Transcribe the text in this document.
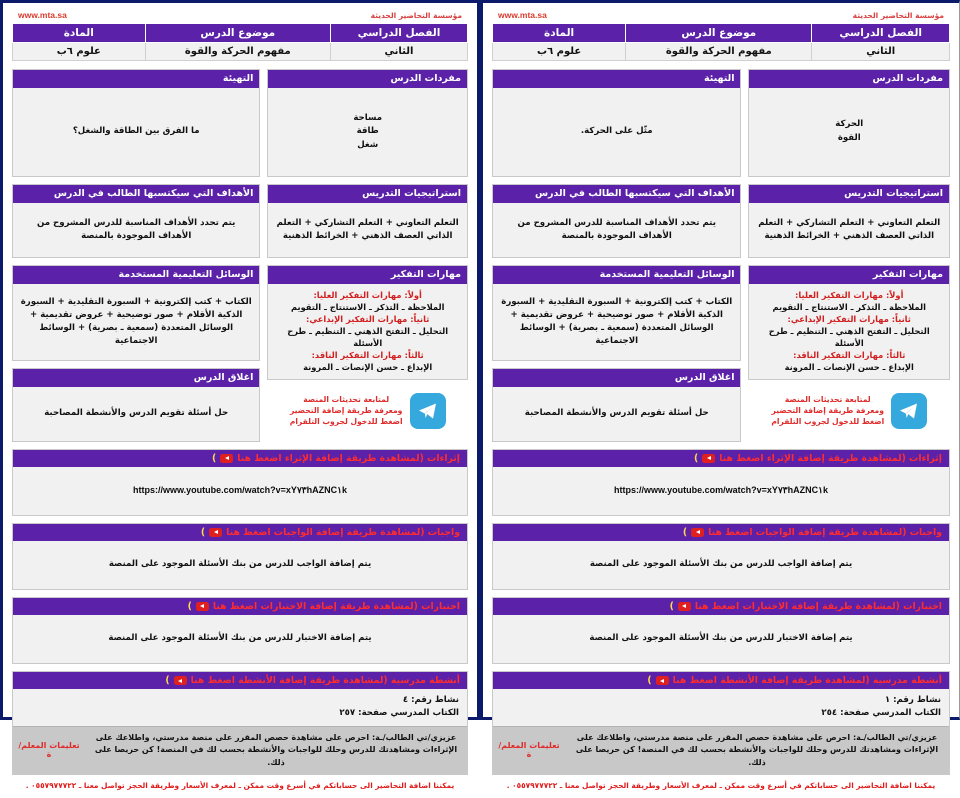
مؤسسة التحاضير الحديثة
www.mta.sa
الفصل الدراسي	موضوع الدرس	المادة
الثاني	مفهوم الحركة والقوة	علوم ٦ب
مفردات الدرس
الحركة
القوة
استراتيجيات التدريس
التعلم التعاوني + التعلم التشاركي + التعلم الذاتي العصف الذهني + الخرائط الذهنية
مهارات التفكير
أولاً: مهارات التفكير العليا:
الملاحظة ـ التذكر ـ الاستنتاج ـ التقويم
ثانياً: مهارات التفكير الإبداعي:
التحليل ـ التفتح الذهني ـ التنظيم ـ طرح الأسئلة
ثالثاً: مهارات التفكير الناقد:
الإبداع ـ حسن الإنصات ـ المرونة
لمتابعة تحديثات المنصة
ومعرفة طريقة إضافة التحضير
اضغط للدخول لجروب التلقرام
التهيئة
مثّل على الحركة.
الأهداف التي سيكتسبها الطالب في الدرس
يتم تحدد الأهداف المناسبة للدرس المشروح من الأهداف الموجودة بالمنصة
الوسائل التعليمية المستخدمة
الكتاب + كتب إلكترونية + السبورة التقليدية + السبورة الذكية الأقلام + صور توضيحية + عروض تقديمية + الوسائل المتعددة (سمعية ـ بصرية) + الوسائط الاجتماعية
اغلاق الدرس
حل أسئلة تقويم الدرس والأنشطة المصاحبة
إثراءات (لمشاهدة طريقة إضافة الإثراء اضغط هنا
)
https://www.youtube.com/watch?v=xY٧٣hAZNC١k
واجبات (لمشاهدة طريقة إضافة الواجبات اضغط هنا
)
يتم إضافة الواجب للدرس من بنك الأسئلة الموجود على المنصة
اختبارات (لمشاهدة طريقة إضافة الاختبارات اضغط هنا
)
يتم إضافة الاختبار للدرس من بنك الأسئلة الموجود على المنصة
أنشطة مدرسية (لمشاهدة طريقة إضافة الأنشطة اضغط هنا
)
نشاط رقم: ١
الكتاب المدرسي صفحة: ٢٥٤
عزيزي/تي الطالب/ـة: احرص على مشاهدة حصص المقرر على منصة مدرستي، واطلاعك على الإثراءات ومشاهدتك للدرس وحلك للواجبات والأنشطة بحسب لك في المنصة! كن حريصا على ذلك.
تعليمات المعلم/ة
يمكننا اضافة التحاضير الى حساباتكم في أسرع وقت ممكن ـ لمعرف الأسعار وطريقة الحجز تواصل معنا ـ ٠٥٥٧٩٧٧٧٢٢ .
مؤسسة التحاضير الحديثة
www.mta.sa
الفصل الدراسي	موضوع الدرس	المادة
الثاني	مفهوم الحركة والقوة	علوم ٦ب
مفردات الدرس
مساحة
طاقة
شغل
استراتيجيات التدريس
التعلم التعاوني + التعلم التشاركي + التعلم الذاتي العصف الذهني + الخرائط الذهنية
مهارات التفكير
أولاً: مهارات التفكير العليا:
الملاحظة ـ التذكر ـ الاستنتاج ـ التقويم
ثانياً: مهارات التفكير الإبداعي:
التحليل ـ التفتح الذهني ـ التنظيم ـ طرح الأسئلة
ثالثاً: مهارات التفكير الناقد:
الإبداع ـ حسن الإنصات ـ المرونة
لمتابعة تحديثات المنصة
ومعرفة طريقة إضافة التحضير
اضغط للدخول لجروب التلقرام
التهيئة
ما الفرق بين الطاقة والشغل؟
الأهداف التي سيكتسبها الطالب في الدرس
يتم تحدد الأهداف المناسبة للدرس المشروح من الأهداف الموجودة بالمنصة
الوسائل التعليمية المستخدمة
الكتاب + كتب إلكترونية + السبورة التقليدية + السبورة الذكية الأقلام + صور توضيحية + عروض تقديمية + الوسائل المتعددة (سمعية ـ بصرية) + الوسائط الاجتماعية
اغلاق الدرس
حل أسئلة تقويم الدرس والأنشطة المصاحبة
إثراءات (لمشاهدة طريقة إضافة الإثراء اضغط هنا
)
https://www.youtube.com/watch?v=xY٧٣hAZNC١k
واجبات (لمشاهدة طريقة إضافة الواجبات اضغط هنا
)
يتم إضافة الواجب للدرس من بنك الأسئلة الموجود على المنصة
اختبارات (لمشاهدة طريقة إضافة الاختبارات اضغط هنا
)
يتم إضافة الاختبار للدرس من بنك الأسئلة الموجود على المنصة
أنشطة مدرسية (لمشاهدة طريقة إضافة الأنشطة اضغط هنا
)
نشاط رقم: ٤
الكتاب المدرسي صفحة: ٢٥٧
عزيزي/تي الطالب/ـة: احرص على مشاهدة حصص المقرر على منصة مدرستي، واطلاعك على الإثراءات ومشاهدتك للدرس وحلك للواجبات والأنشطة بحسب لك في المنصة! كن حريصا على ذلك.
تعليمات المعلم/ة
يمكننا اضافة التحاضير الى حساباتكم في أسرع وقت ممكن ـ لمعرف الأسعار وطريقة الحجز تواصل معنا ـ ٠٥٥٧٩٧٧٧٢٢ .
